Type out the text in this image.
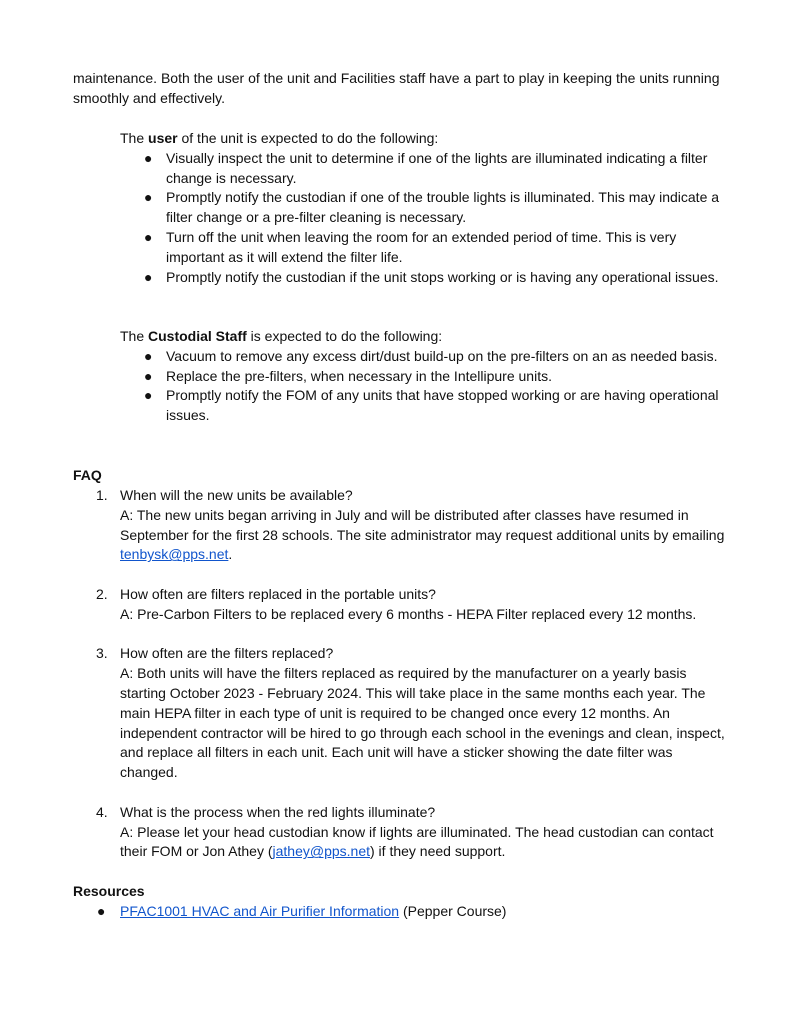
maintenance. Both the user of the unit and Facilities staff have a part to play in keeping the units running smoothly and effectively.

The user of the unit is expected to do the following:

● Visually inspect the unit to determine if one of the lights are illuminated indicating a filter change is necessary.
● Promptly notify the custodian if one of the trouble lights is illuminated. This may indicate a filter change or a pre-filter cleaning is necessary.
● Turn off the unit when leaving the room for an extended period of time. This is very important as it will extend the filter life.
● Promptly notify the custodian if the unit stops working or is having any operational issues.

The Custodial Staff is expected to do the following:

● Vacuum to remove any excess dirt/dust build-up on the pre-filters on an as needed basis.
● Replace the pre-filters, when necessary in the Intellipure units.
● Promptly notify the FOM of any units that have stopped working or are having operational issues.

FAQ

1. When will the new units be available?

A: The new units began arriving in July and will be distributed after classes have resumed in September for the first 28 schools. The site administrator may request additional units by emailing tenbysk@pps.net.

2. How often are filters replaced in the portable units?

A: Pre-Carbon Filters to be replaced every 6 months - HEPA Filter replaced every 12 months.

3. How often are the filters replaced?

A: Both units will have the filters replaced as required by the manufacturer on a yearly basis starting October 2023 - February 2024. This will take place in the same months each year. The main HEPA filter in each type of unit is required to be changed once every 12 months. An independent contractor will be hired to go through each school in the evenings and clean, inspect, and replace all filters in each unit. Each unit will have a sticker showing the date filter was changed.

4. What is the process when the red lights illuminate?

A: Please let your head custodian know if lights are illuminated. The head custodian can contact their FOM or Jon Athey (jathey@pps.net) if they need support.

Resources

● PFAC1001 HVAC and Air Purifier Information (Pepper Course)
